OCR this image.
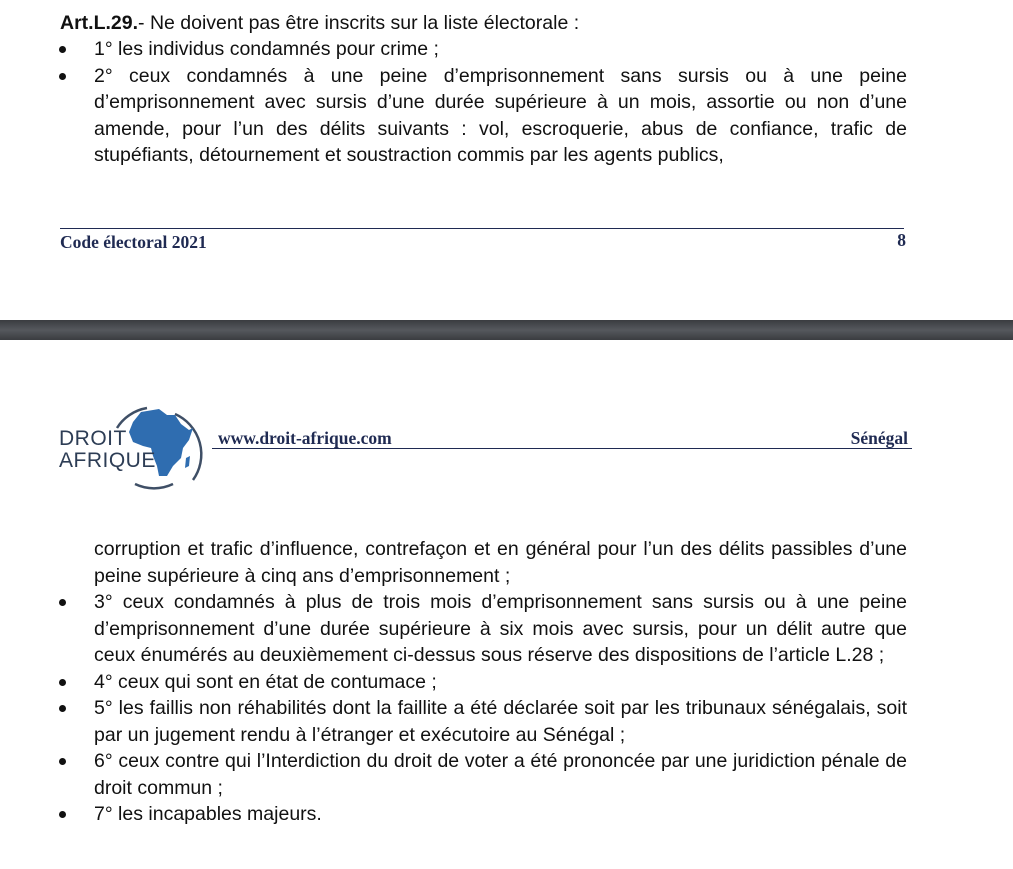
Art.L.29.- Ne doivent pas être inscrits sur la liste électorale :
1° les individus condamnés pour crime ;
2° ceux condamnés à une peine d’emprisonnement sans sursis ou à une peine d’emprisonnement avec sursis d’une durée supérieure à un mois, assortie ou non d’une amende, pour l’un des délits suivants : vol, escroquerie, abus de confiance, trafic de stupéfiants, détournement et soustraction commis par les agents publics,
Code électoral 2021	8
DROIT
AFRIQUE
www.droit-afrique.com	Sénégal
corruption et trafic d’influence, contrefaçon et en général pour l’un des délits passibles d’une peine supérieure à cinq ans d’emprisonnement ;
3° ceux condamnés à plus de trois mois d’emprisonnement sans sursis ou à une peine d’emprisonnement d’une durée supérieure à six mois avec sursis, pour un délit autre que ceux énumérés au deuxièmement ci-dessus sous réserve des dispositions de l’article L.28 ;
4° ceux qui sont en état de contumace ;
5° les faillis non réhabilités dont la faillite a été déclarée soit par les tribunaux sénégalais, soit par un jugement rendu à l’étranger et exécutoire au Sénégal ;
6° ceux contre qui l’Interdiction du droit de voter a été prononcée par une juridiction pénale de droit commun ;
7° les incapables majeurs.
